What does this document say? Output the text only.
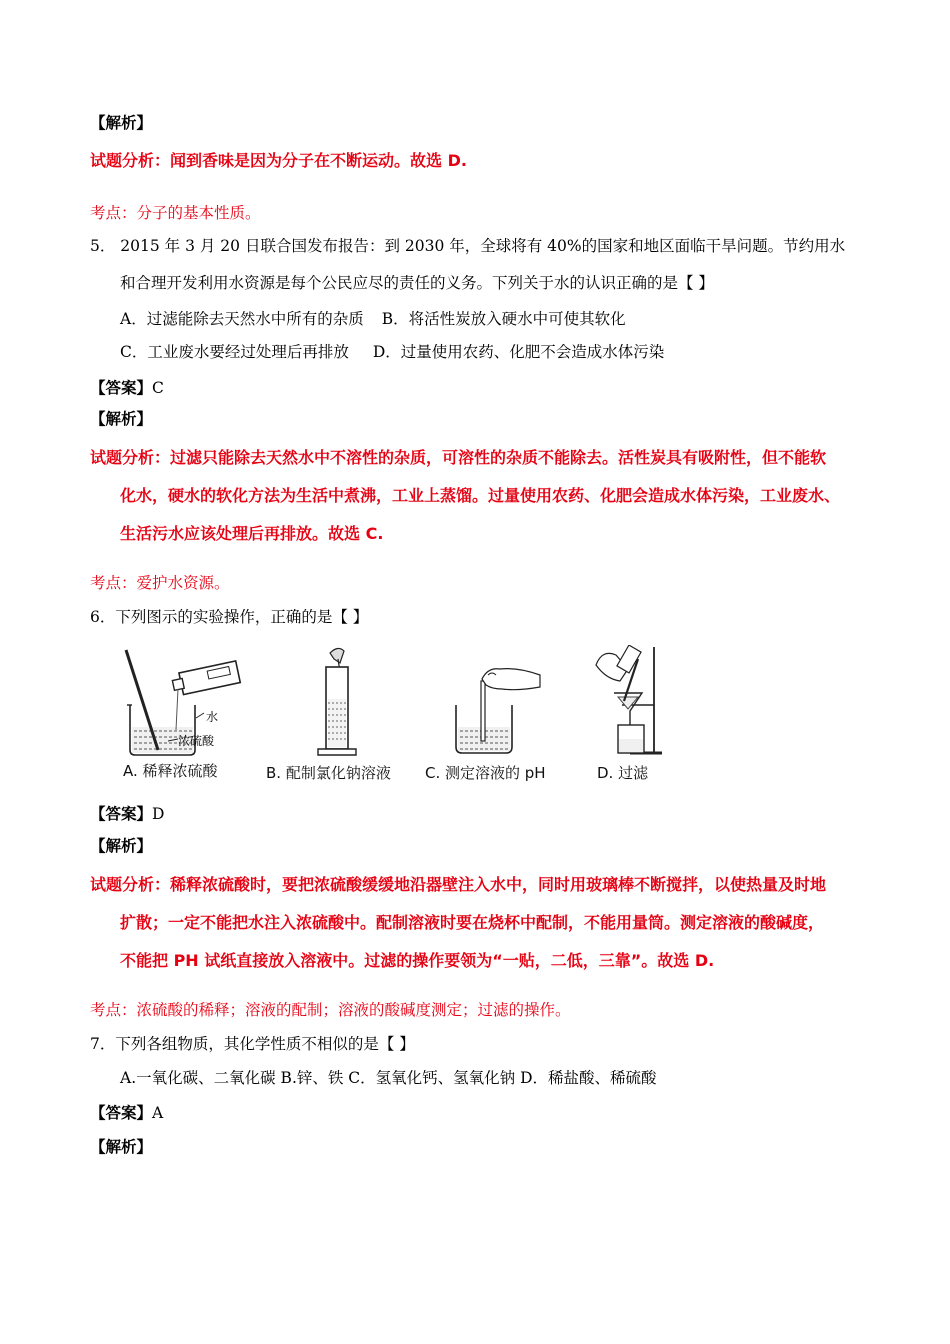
【解析】
试题分析：闻到香味是因为分子在不断运动。故选 D.
考点：分子的基本性质。
5． 2015 年 3 月 20 日联合国发布报告：到 2030 年，全球将有 40%的国家和地区面临干旱问题。节约用水
和合理开发利用水资源是每个公民应尽的责任的义务。下列关于水的认识正确的是【 】
A．过滤能除去天然水中所有的杂质 B．将活性炭放入硬水中可使其软化
C．工业废水要经过处理后再排放 D．过量使用农药、化肥不会造成水体污染
【答案】C
【解析】
试题分析：过滤只能除去天然水中不溶性的杂质，可溶性的杂质不能除去。活性炭具有吸附性，但不能软
化水，硬水的软化方法为生活中煮沸，工业上蒸馏。过量使用农药、化肥会造成水体污染，工业废水、
生活污水应该处理后再排放。故选 C.
考点：爱护水资源。
6．下列图示的实验操作，正确的是【 】
水
浓硫酸
A. 稀释浓硫酸	B. 配制氯化钠溶液 C. 测定溶液的 pH	D. 过滤
【答案】D
【解析】
试题分析：稀释浓硫酸时，要把浓硫酸缓缓地沿器壁注入水中，同时用玻璃棒不断搅拌，以使热量及时地
扩散；一定不能把水注入浓硫酸中。配制溶液时要在烧杯中配制，不能用量筒。测定溶液的酸碱度，
不能把 PH 试纸直接放入溶液中。过滤的操作要领为“一贴，二低，三靠”。故选 D.
考点：浓硫酸的稀释；溶液的配制；溶液的酸碱度测定；过滤的操作。
7．下列各组物质，其化学性质不相似的是【 】
A.一氧化碳、二氧化碳 B.锌、铁 C．氢氧化钙、氢氧化钠 D．稀盐酸、稀硫酸
【答案】A
【解析】
